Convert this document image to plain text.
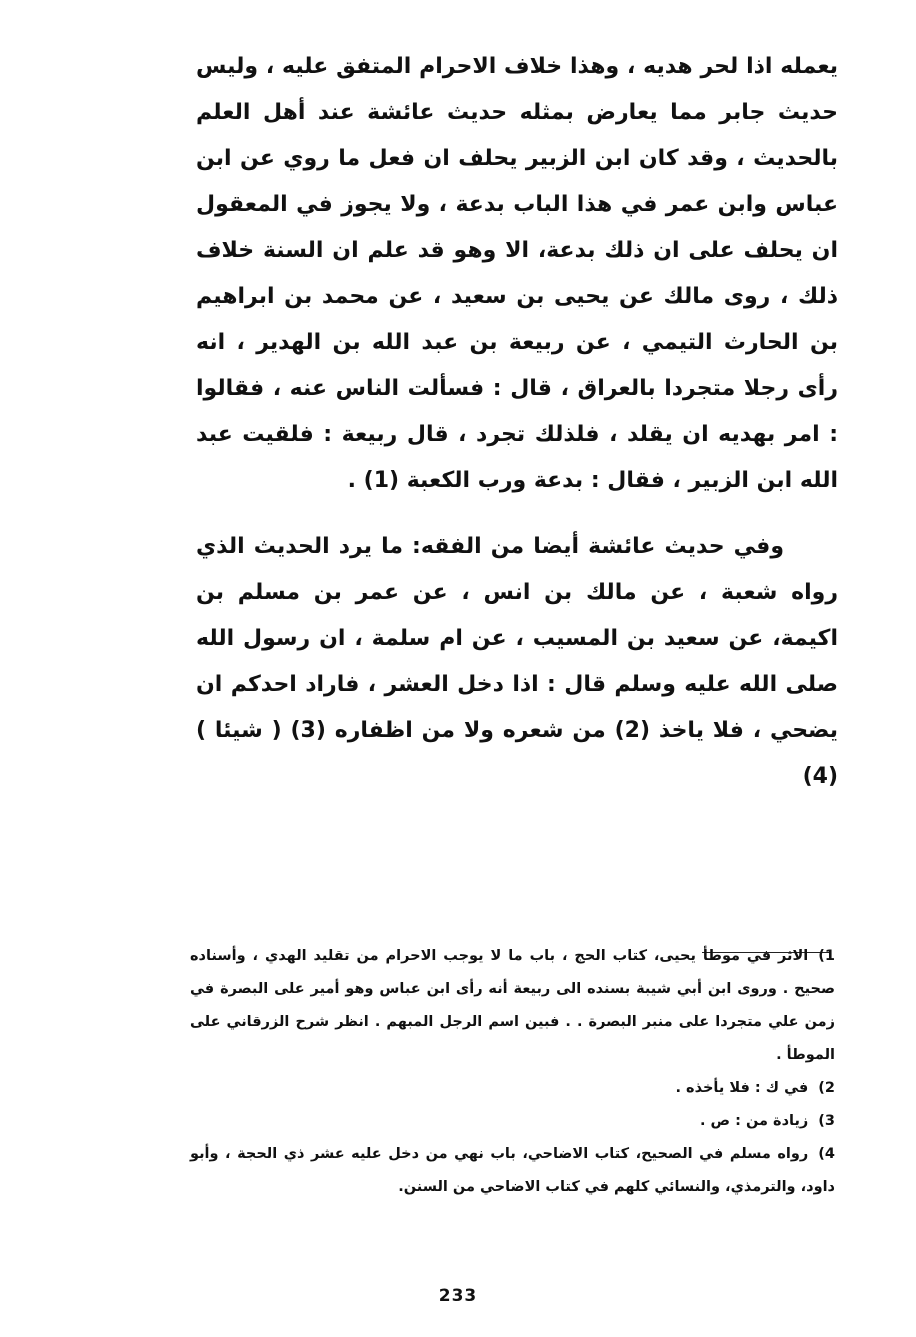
يعمله اذا لحر هديه ، وهذا خلاف الاحرام المتفق عليه ، وليس حديث جابر مما يعارض بمثله حديث عائشة عند أهل العلم بالحديث ، وقد كان ابن الزبير يحلف ان فعل ما روي عن ابن عباس وابن عمر في هذا الباب بدعة ، ولا يجوز في المعقول ان يحلف على ان ذلك بدعة، الا وهو قد علم ان السنة خلاف ذلك ، روى مالك عن يحيى بن سعيد ، عن محمد بن ابراهيم بن الحارث التيمي ، عن ربيعة بن عبد الله بن الهدير ، انه رأى رجلا متجردا بالعراق ، قال : فسألت الناس عنه ، فقالوا : امر بهديه ان يقلد ، فلذلك تجرد ، قال ربيعة : فلقيت عبد الله ابن الزبير ، فقال : بدعة ورب الكعبة (1) .

وفي حديث عائشة أيضا من الفقه: ما يرد الحديث الذي رواه شعبة ، عن مالك بن انس ، عن عمر بن مسلم بن اكيمة، عن سعيد بن المسيب ، عن ام سلمة ، ان رسول الله صلى الله عليه وسلم قال : اذا دخل العشر ، فاراد احدكم ان يضحي ، فلا ياخذ (2) من شعره ولا من اظفاره (3) ( شيئا ) (4)

1)الاثر في موطأ يحيى، كتاب الحج ، باب ما لا يوجب الاحرام من تقليد الهدي ، وأسناده صحيح . وروى ابن أبي شيبة بسنده الى ربيعة أنه رأى ابن عباس وهو أمير على البصرة في زمن علي متجردا على منبر البصرة . . فبين اسم الرجل المبهم . انظر شرح الزرقاني على الموطأ .
2)في ك : فلا يأخذه .
3)زيادة من : ص .
4)رواه مسلم في الصحيح، كتاب الاضاحي، باب نهي من دخل عليه عشر ذي الحجة ، وأبو داود، والترمذي، والنسائي كلهم في كتاب الاضاحي من السنن.
233
